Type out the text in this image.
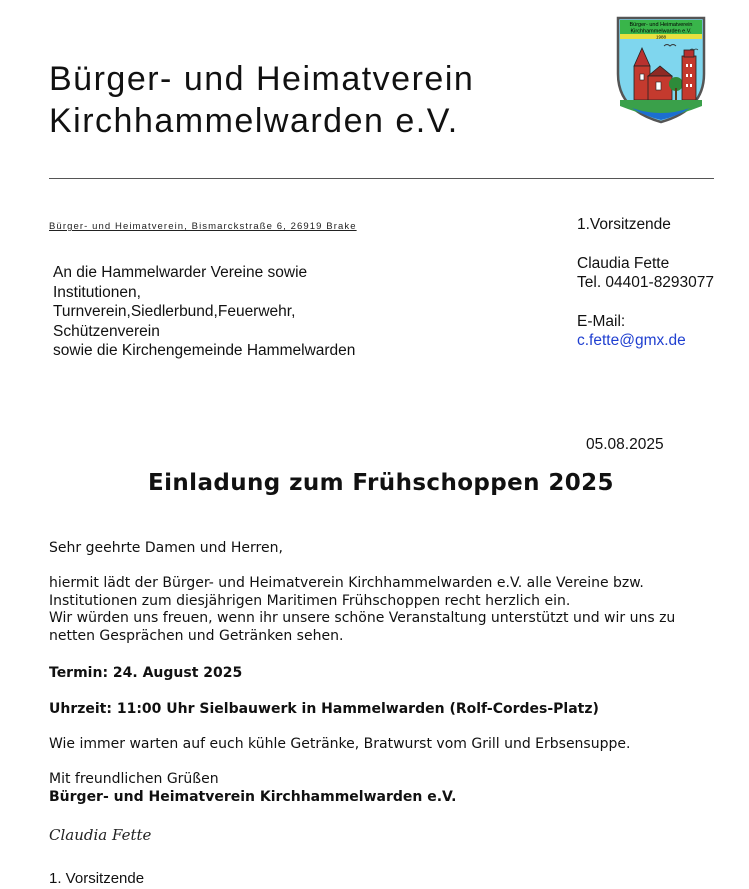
Bürger- und Heimatverein
Kirchhammelwarden e.V.
Bürger- und Heimatverein
Kirchhammelwarden e.V.
1988
Bürger- und Heimatverein, Bismarckstraße 6, 26919 Brake
An die Hammelwarder Vereine sowie
Institutionen,
Turnverein,Siedlerbund,Feuerwehr,
Schützenverein
sowie die Kirchengemeinde Hammelwarden
1.Vorsitzende
Claudia Fette
Tel. 04401-8293077
E-Mail:
c.fette@gmx.de
05.08.2025
Einladung zum Frühschoppen 2025
Sehr geehrte Damen und Herren,
hiermit lädt der Bürger- und Heimatverein Kirchhammelwarden e.V. alle Vereine bzw.
Institutionen zum diesjährigen Maritimen Frühschoppen recht herzlich ein.
Wir würden uns freuen, wenn ihr unsere schöne Veranstaltung unterstützt und wir uns zu
netten Gesprächen und Getränken sehen.
Termin: 24. August 2025
Uhrzeit: 11:00 Uhr Sielbauwerk in Hammelwarden (Rolf-Cordes-Platz)
Wie immer warten auf euch kühle Getränke, Bratwurst vom Grill und Erbsensuppe.
Mit freundlichen Grüßen
Bürger- und Heimatverein Kirchhammelwarden e.V.
Claudia Fette
1. Vorsitzende
